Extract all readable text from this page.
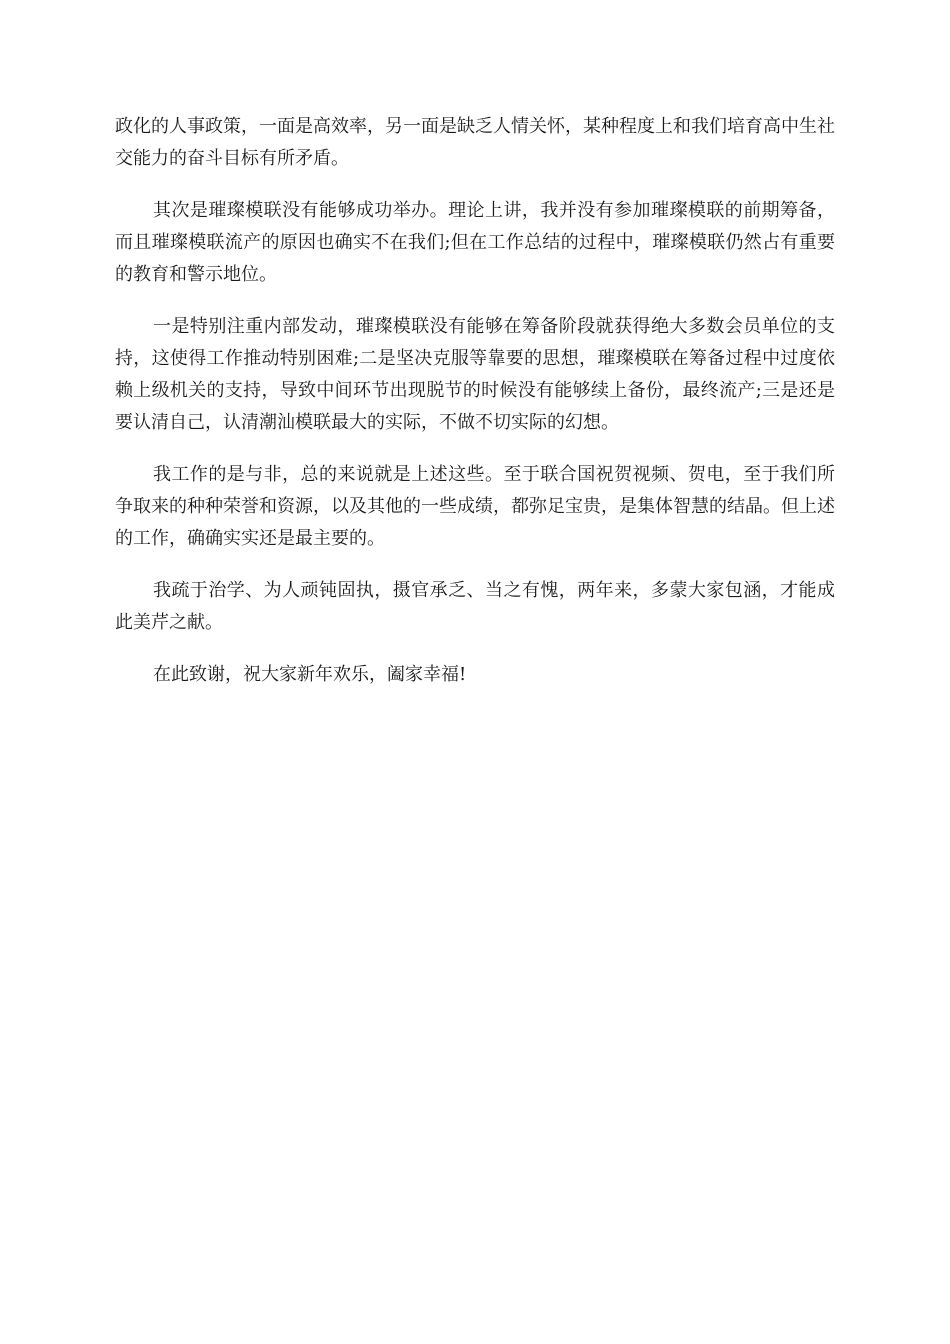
政化的人事政策，一面是高效率，另一面是缺乏人情关怀，某种程度上和我们培育高中生社交能力的奋斗目标有所矛盾。

其次是璀璨模联没有能够成功举办。理论上讲，我并没有参加璀璨模联的前期筹备，而且璀璨模联流产的原因也确实不在我们;但在工作总结的过程中，璀璨模联仍然占有重要的教育和警示地位。

一是特别注重内部发动，璀璨模联没有能够在筹备阶段就获得绝大多数会员单位的支持，这使得工作推动特别困难;二是坚决克服等靠要的思想，璀璨模联在筹备过程中过度依赖上级机关的支持，导致中间环节出现脱节的时候没有能够续上备份，最终流产;三是还是要认清自己，认清潮汕模联最大的实际，不做不切实际的幻想。

我工作的是与非，总的来说就是上述这些。至于联合国祝贺视频、贺电，至于我们所争取来的种种荣誉和资源，以及其他的一些成绩，都弥足宝贵，是集体智慧的结晶。但上述的工作，确确实实还是最主要的。

我疏于治学、为人顽钝固执，摄官承乏、当之有愧，两年来，多蒙大家包涵，才能成此美芹之献。

在此致谢，祝大家新年欢乐，阖家幸福!
